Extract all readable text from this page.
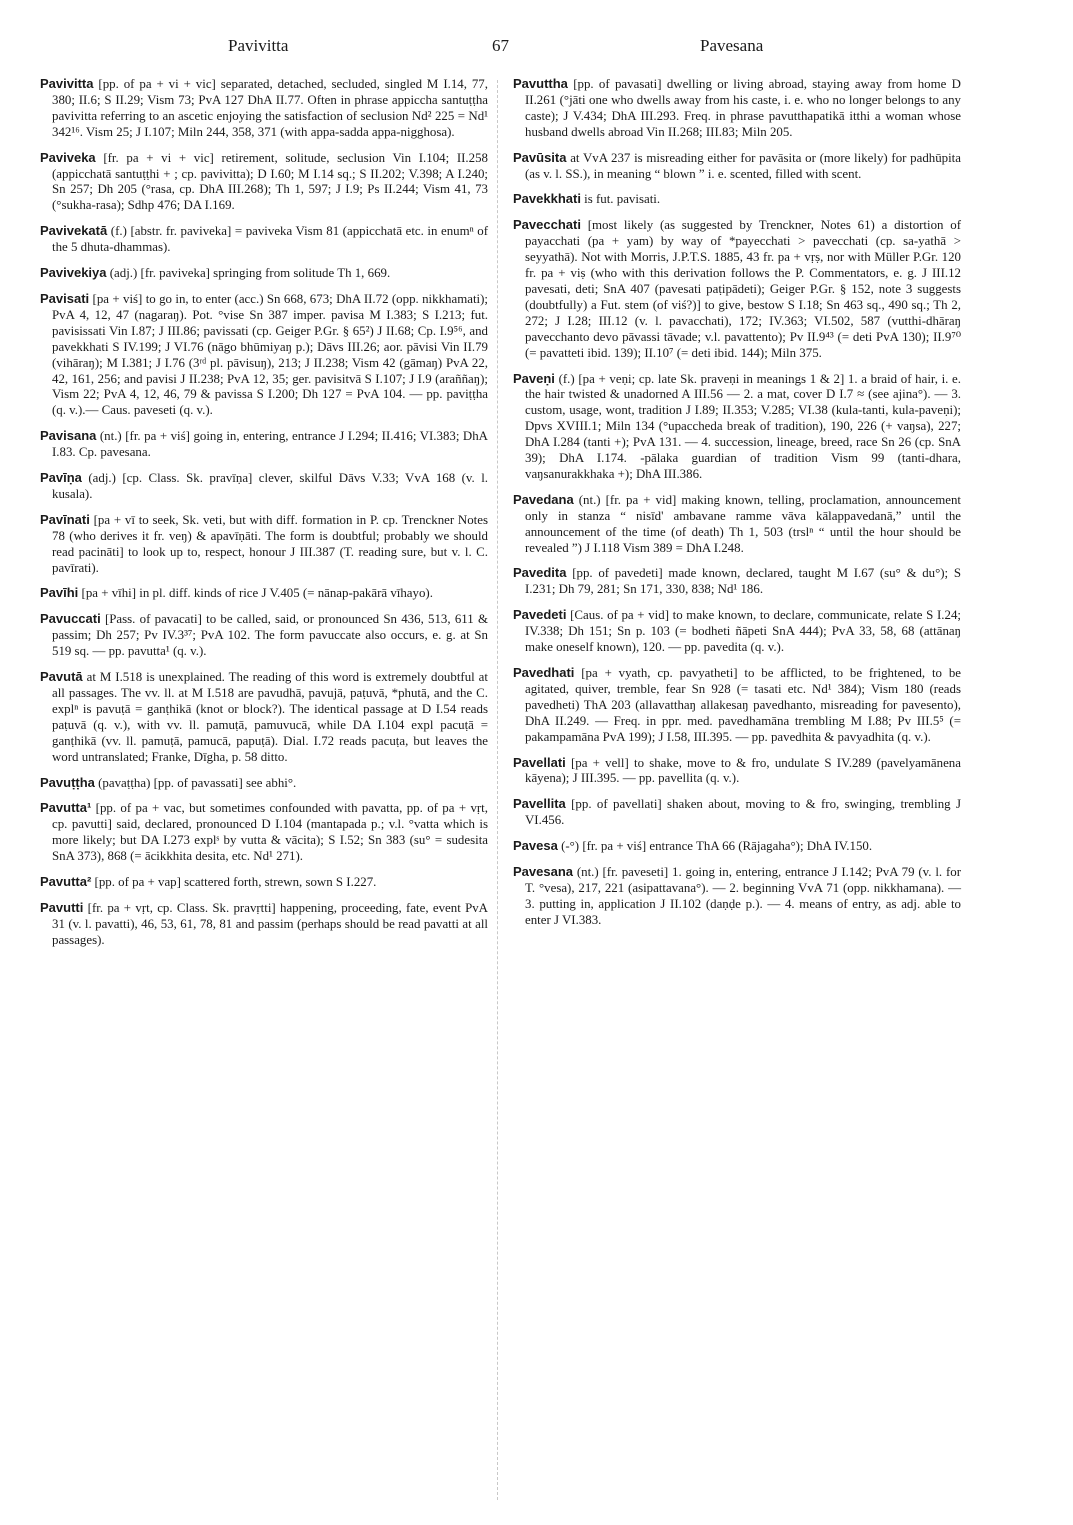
Pavivitta	67	Pavesana

Pavivitta [pp. of pa + vi + vic] separated, detached, secluded, singled M I.14, 77, 380; II.6; S II.29; Vism 73; PvA 127 DhA II.77. Often in phrase appiccha santuṭṭha pavivitta referring to an ascetic enjoying the satisfaction of seclusion Nd² 225 = Nd¹ 342¹⁶. Vism 25; J I.107; Miln 244, 358, 371 (with appa-sadda appa-nigghosa).

Paviveka [fr. pa + vi + vic] retirement, solitude, seclusion Vin I.104; II.258 (appicchatā santuṭṭhi + ; cp. pavivitta); D I.60; M I.14 sq.; S II.202; V.398; A I.240; Sn 257; Dh 205 (°rasa, cp. DhA III.268); Th 1, 597; J I.9; Ps II.244; Vism 41, 73 (°sukha-rasa); Sdhp 476; DA I.169.

Pavivekatā (f.) [abstr. fr. paviveka] = paviveka Vism 81 (appicchatā etc. in enumⁿ of the 5 dhuta-dhammas).

Pavivekiya (adj.) [fr. paviveka] springing from solitude Th 1, 669.

Pavisati [pa + viś] to go in, to enter (acc.) Sn 668, 673; DhA II.72 (opp. nikkhamati); PvA 4, 12, 47 (nagaraŋ). Pot. °vise Sn 387 imper. pavisa M I.383; S I.213; fut. pavisissati Vin I.87; J III.86; pavissati (cp. Geiger P.Gr. § 65²) J II.68; Cp. I.9⁵⁶, and pavekkhati S IV.199; J VI.76 (nāgo bhūmiyaŋ p.); Dāvs III.26; aor. pāvisi Vin II.79 (vihāraŋ); M I.381; J I.76 (3ʳᵈ pl. pāvisuŋ), 213; J II.238; Vism 42 (gāmaŋ) PvA 22, 42, 161, 256; and pavisi J II.238; PvA 12, 35; ger. pavisitvā S I.107; J I.9 (araññaŋ); Vism 22; PvA 4, 12, 46, 79 & pavissa S I.200; Dh 127 = PvA 104. — pp. paviṭṭha (q. v.).— Caus. paveseti (q. v.).

Pavisana (nt.) [fr. pa + viś] going in, entering, entrance J I.294; II.416; VI.383; DhA I.83. Cp. pavesana.

Pavīṇa (adj.) [cp. Class. Sk. pravīṇa] clever, skilful Dāvs V.33; VvA 168 (v. l. kusala).

Pavīnati [pa + vī to seek, Sk. veti, but with diff. formation in P. cp. Trenckner Notes 78 (who derives it fr. veŋ) & apavīṇāti. The form is doubtful; probably we should read pacināti] to look up to, respect, honour J III.387 (T. reading sure, but v. l. C. pavīrati).

Pavīhi [pa + vīhi] in pl. diff. kinds of rice J V.405 (= nānap-pakārā vīhayo).

Pavuccati [Pass. of pavacati] to be called, said, or pronounced Sn 436, 513, 611 & passim; Dh 257; Pv IV.3³⁷; PvA 102. The form pavuccate also occurs, e. g. at Sn 519 sq. — pp. pavutta¹ (q. v.).

Pavutā at M I.518 is unexplained. The reading of this word is extremely doubtful at all passages. The vv. ll. at M I.518 are pavudhā, pavujā, paṭuvā, *phutā, and the C. explⁿ is pavuṭā = ganṭhikā (knot or block?). The identical passage at D I.54 reads paṭuvā (q. v.), with vv. ll. pamuṭā, pamuvucā, while DA I.104 expl pacuṭā = ganṭhikā (vv. ll. pamuṭā, pamucā, papuṭā). Dial. I.72 reads pacuṭa, but leaves the word untranslated; Franke, Dīgha, p. 58 ditto.

Pavuṭṭha (pavaṭṭha) [pp. of pavassati] see abhi°.

Pavutta¹ [pp. of pa + vac, but sometimes confounded with pavatta, pp. of pa + vṛt, cp. pavutti] said, declared, pronounced D I.104 (mantapada p.; v.l. °vatta which is more likely; but DA I.273 explˢ by vutta & vācita); S I.52; Sn 383 (su° = sudesita SnA 373), 868 (= ācikkhita desita, etc. Nd¹ 271).

Pavutta² [pp. of pa + vap] scattered forth, strewn, sown S I.227.

Pavutti [fr. pa + vṛt, cp. Class. Sk. pravṛtti] happening, proceeding, fate, event PvA 31 (v. l. pavatti), 46, 53, 61, 78, 81 and passim (perhaps should be read pavatti at all passages).

Pavuttha [pp. of pavasati] dwelling or living abroad, staying away from home D II.261 (°jāti one who dwells away from his caste, i. e. who no longer belongs to any caste); J V.434; DhA III.293. Freq. in phrase pavutthapatikā itthi a woman whose husband dwells abroad Vin II.268; III.83; Miln 205.

Pavūsita at VvA 237 is misreading either for pavāsita or (more likely) for padhūpita (as v. l. SS.), in meaning “ blown ” i. e. scented, filled with scent.

Pavekkhati is fut. pavisati.

Pavecchati [most likely (as suggested by Trenckner, Notes 61) a distortion of payacchati (pa + yam) by way of *payecchati > pavecchati (cp. sa-yathā > seyyathā). Not with Morris, J.P.T.S. 1885, 43 fr. pa + vṛṣ, nor with Müller P.Gr. 120 fr. pa + viṣ (who with this derivation follows the P. Commentators, e. g. J III.12 pavesati, deti; SnA 407 (pavesati paṭipādeti); Geiger P.Gr. § 152, note 3 suggests (doubtfully) a Fut. stem (of viś?)] to give, bestow S I.18; Sn 463 sq., 490 sq.; Th 2, 272; J I.28; III.12 (v. l. pavacchati), 172; IV.363; VI.502, 587 (vutthi-dhāraŋ pavecchanto devo pāvassi tāvade; v.l. pavattento); Pv II.9⁴³ (= deti PvA 130); II.9⁷⁰ (= pavatteti ibid. 139); II.10⁷ (= deti ibid. 144); Miln 375.

Paveṇi (f.) [pa + veṇi; cp. late Sk. praveṇi in meanings 1 & 2] 1. a braid of hair, i. e. the hair twisted & unadorned A III.56 — 2. a mat, cover D I.7 ≈ (see ajina°). — 3. custom, usage, wont, tradition J I.89; II.353; V.285; VI.38 (kula-tanti, kula-paveṇi); Dpvs XVIII.1; Miln 134 (°upaccheda break of tradition), 190, 226 (+ vaŋsa), 227; DhA I.284 (tanti +); PvA 131. — 4. succession, lineage, breed, race Sn 26 (cp. SnA 39); DhA I.174. -pālaka guardian of tradition Vism 99 (tanti-dhara, vaŋsanurakkhaka +); DhA III.386.

Pavedana (nt.) [fr. pa + vid] making known, telling, proclamation, announcement only in stanza “ nisīd' ambavane ramme vāva kālappavedanā,” until the announcement of the time (of death) Th 1, 503 (trslⁿ “ until the hour should be revealed ”) J I.118 Vism 389 = DhA I.248.

Pavedita [pp. of pavedeti] made known, declared, taught M I.67 (su° & du°); S I.231; Dh 79, 281; Sn 171, 330, 838; Nd¹ 186.

Pavedeti [Caus. of pa + vid] to make known, to declare, communicate, relate S I.24; IV.338; Dh 151; Sn p. 103 (= bodheti ñāpeti SnA 444); PvA 33, 58, 68 (attānaŋ make oneself known), 120. — pp. pavedita (q. v.).

Pavedhati [pa + vyath, cp. pavyatheti] to be afflicted, to be frightened, to be agitated, quiver, tremble, fear Sn 928 (= tasati etc. Nd¹ 384); Vism 180 (reads pavedheti) ThA 203 (allavatthaŋ allakesaŋ pavedhanto, misreading for pavesento), DhA II.249. — Freq. in ppr. med. pavedhamāna trembling M I.88; Pv III.5⁵ (= pakampamāna PvA 199); J I.58, III.395. — pp. pavedhita & pavyadhita (q. v.).

Pavellati [pa + vell] to shake, move to & fro, undulate S IV.289 (pavelyamānena kāyena); J III.395. — pp. pavellita (q. v.).

Pavellita [pp. of pavellati] shaken about, moving to & fro, swinging, trembling J VI.456.

Pavesa (-°) [fr. pa + viś] entrance ThA 66 (Rājagaha°); DhA IV.150.

Pavesana (nt.) [fr. paveseti] 1. going in, entering, entrance J I.142; PvA 79 (v. l. for T. °vesa), 217, 221 (asipattavana°). — 2. beginning VvA 71 (opp. nikkhamana). — 3. putting in, application J II.102 (daṇḍe p.). — 4. means of entry, as adj. able to enter J VI.383.
